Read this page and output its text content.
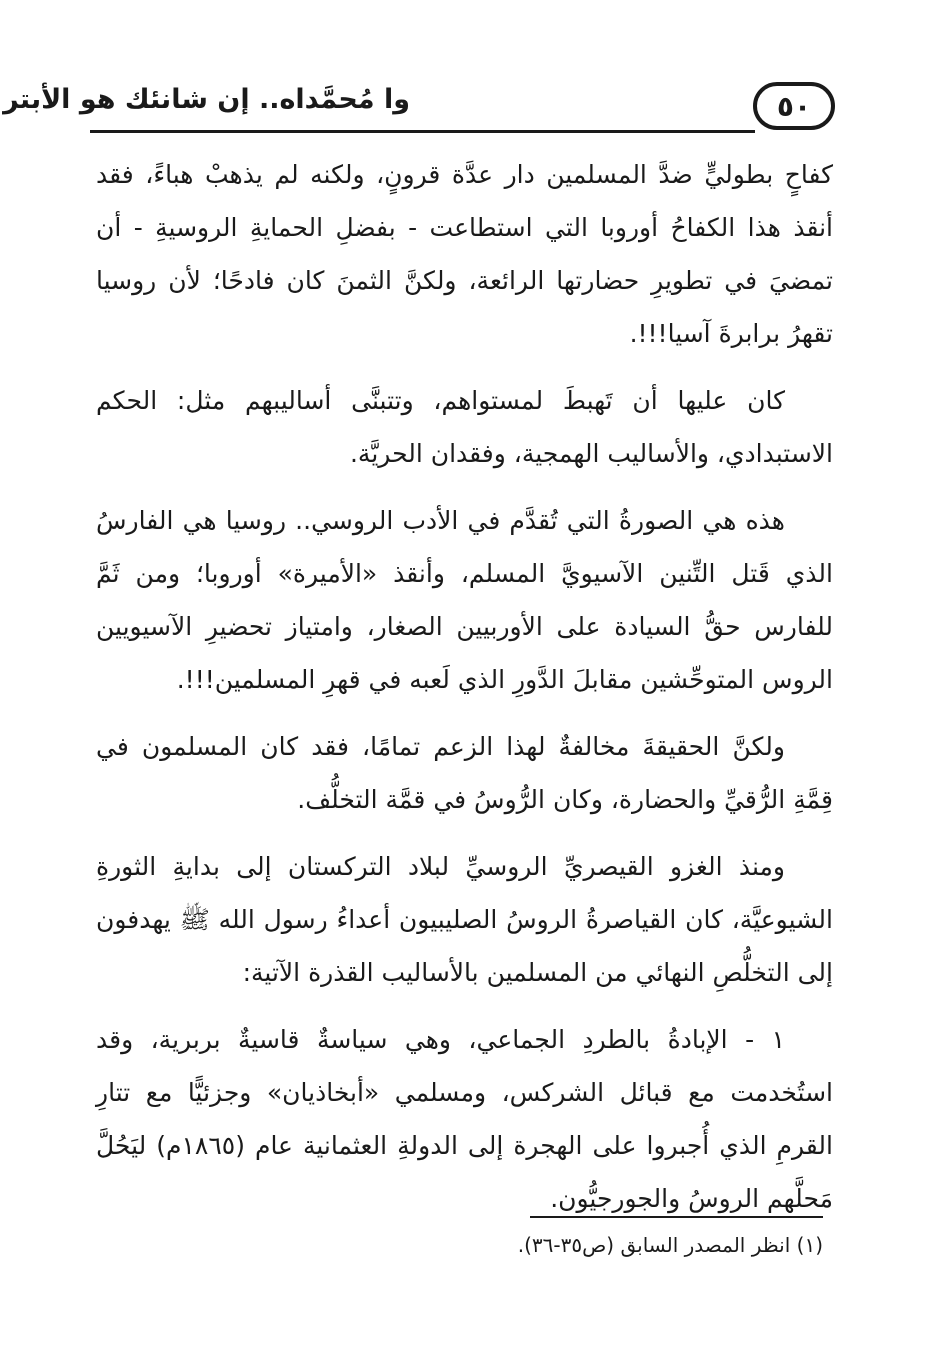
وا مُحمَّداه.. إن شانئك هو الأبتر	٥٠

كفاحٍ بطوليٍّ ضدَّ المسلمين دار عدَّة قرونٍ، ولكنه لم يذهبْ هباءً، فقد أنقذ هذا الكفاحُ أوروبا التي استطاعت - بفضلِ الحمايةِ الروسيةِ - أن تمضيَ في تطويرِ حضارتها الرائعة، ولكنَّ الثمنَ كان فادحًا؛ لأن روسيا تقهرُ برابرةَ آسيا!!!.

كان عليها أن تَهبطَ لمستواهم، وتتبنَّى أساليبهم مثل: الحكم الاستبدادي، والأساليب الهمجية، وفقدان الحريَّة.

هذه هي الصورةُ التي تُقدَّم في الأدب الروسي.. روسيا هي الفارسُ الذي قَتل التِّنين الآسيويَّ المسلم، وأنقذ «الأميرة» أوروبا؛ ومن ثَمَّ للفارس حقُّ السيادة على الأوربيين الصغار، وامتياز تحضيرِ الآسيويين الروس المتوحِّشين مقابلَ الدَّورِ الذي لَعبه في قهرِ المسلمين!!!.

ولكنَّ الحقيقةَ مخالفةٌ لهذا الزعم تمامًا، فقد كان المسلمون في قِمَّةِ الرُّقيِّ والحضارة، وكان الرُّوسُ في قمَّة التخلُّف.

ومنذ الغزو القيصريِّ الروسيِّ لبلاد التركستان إلى بدايةِ الثورةِ الشيوعيَّة، كان القياصرةُ الروسُ الصليبيون أعداءُ رسول الله ﷺ يهدفون إلى التخلُّصِ النهائي من المسلمين بالأساليب القذرة الآتية:

١ - الإبادةُ بالطردِ الجماعي، وهي سياسةٌ قاسيةٌ بربرية، وقد استُخدمت مع قبائل الشركس، ومسلمي «أبخاذيان» وجزئيًّا مع تتارِ القرمِ الذي أُجبروا على الهجرة إلى الدولةِ العثمانية عام (١٨٦٥م) ليَحُلَّ مَحلَّهم الروسُ والجورجيُّون.

(١) انظر المصدر السابق (ص٣٥-٣٦).
